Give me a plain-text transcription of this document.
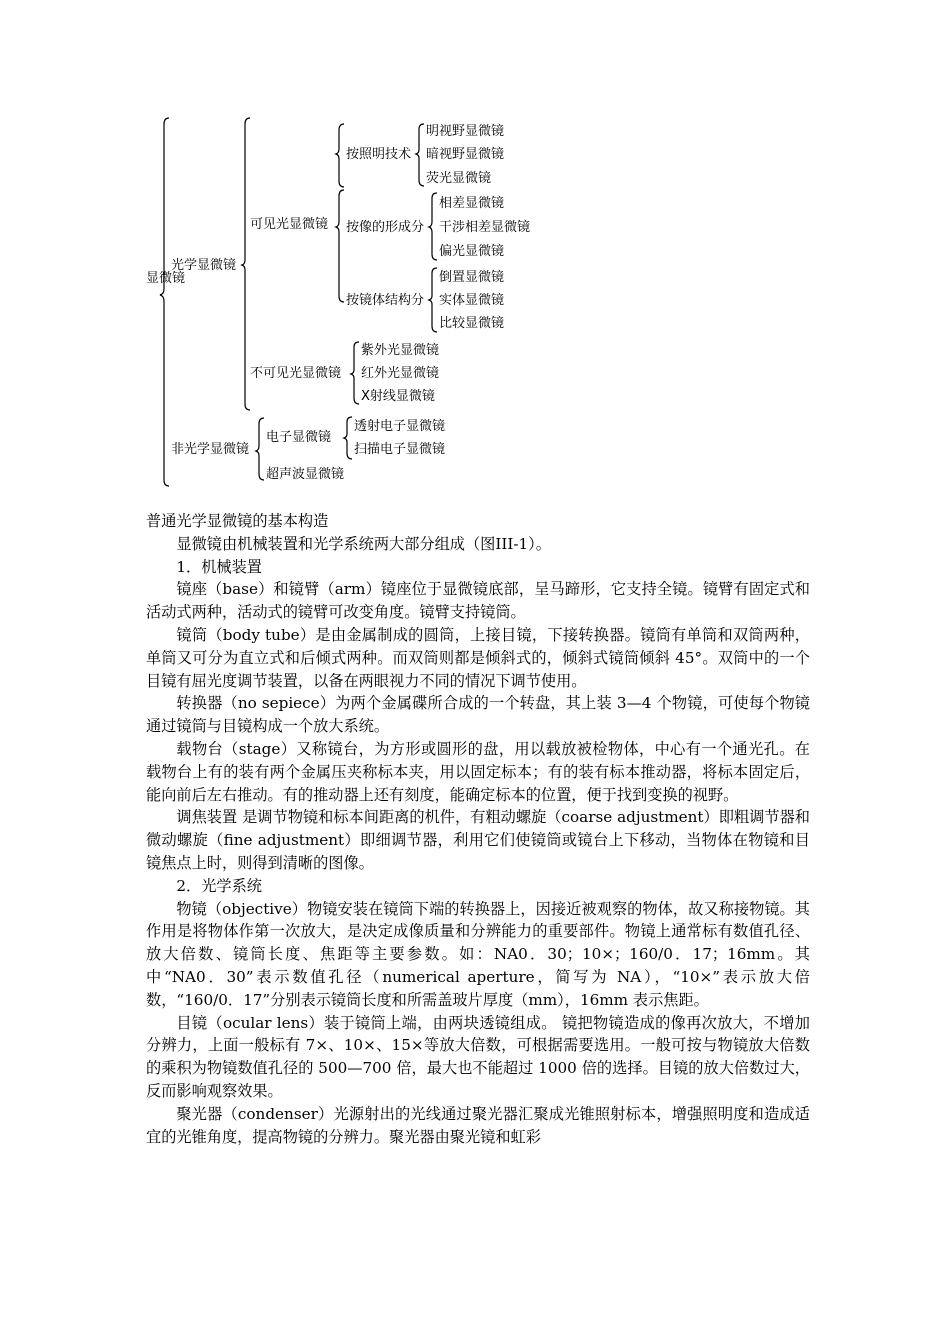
显微镜
光学显微镜
非光学显微镜
可见光显微镜
不可见光显微镜
按照明技术
明视野显微镜
暗视野显微镜
荧光显微镜
按像的形成分
相差显微镜
干涉相差显微镜
偏光显微镜
按镜体结构分
倒置显微镜
实体显微镜
比较显微镜
紫外光显微镜
红外光显微镜
X射线显微镜
电子显微镜
透射电子显微镜
扫描电子显微镜
超声波显微镜

普通光学显微镜的基本构造

显微镜由机械装置和光学系统两大部分组成（图III-1）。

1．机械装置

镜座（base）和镜臂（arm）镜座位于显微镜底部，呈马蹄形，它支持全镜。镜臂有固定式和活动式两种，活动式的镜臂可改变角度。镜臂支持镜筒。

镜筒（body tube）是由金属制成的圆筒，上接目镜，下接转换器。镜筒有单筒和双筒两种，单筒又可分为直立式和后倾式两种。而双筒则都是倾斜式的，倾斜式镜筒倾斜 45°。双筒中的一个目镜有屈光度调节装置，以备在两眼视力不同的情况下调节使用。

转换器（no sepiece）为两个金属碟所合成的一个转盘，其上装 3—4 个物镜，可使每个物镜通过镜筒与目镜构成一个放大系统。

载物台（stage）又称镜台，为方形或圆形的盘，用以载放被检物体，中心有一个通光孔。在载物台上有的装有两个金属压夹称标本夹，用以固定标本；有的装有标本推动器，将标本固定后，能向前后左右推动。有的推动器上还有刻度，能确定标本的位置，便于找到变换的视野。

调焦装置 是调节物镜和标本间距离的机件，有粗动螺旋（coarse adjustment）即粗调节器和微动螺旋（fine adjustment）即细调节器，利用它们使镜筒或镜台上下移动，当物体在物镜和目镜焦点上时，则得到清晰的图像。

2．光学系统

物镜（objective）物镜安装在镜筒下端的转换器上，因接近被观察的物体，故又称接物镜。其作用是将物体作第一次放大，是决定成像质量和分辨能力的重要部件。物镜上通常标有数值孔径、放大倍数、镜筒长度、焦距等主要参数。如：NA0．30；10×；160/0．17；16mm。其中“NA0．30”表示数值孔径（numerical aperture，简写为 NA），“10×”表示放大倍数，“160/0．17”分别表示镜筒长度和所需盖玻片厚度（mm），16mm 表示焦距。

目镜（ocular lens）装于镜筒上端，由两块透镜组成。 镜把物镜造成的像再次放大，不增加分辨力，上面一般标有 7×、10×、15×等放大倍数，可根据需要选用。一般可按与物镜放大倍数的乘积为物镜数值孔径的 500—700 倍，最大也不能超过 1000 倍的选择。目镜的放大倍数过大，反而影响观察效果。

聚光器（condenser）光源射出的光线通过聚光器汇聚成光锥照射标本，增强照明度和造成适宜的光锥角度，提高物镜的分辨力。聚光器由聚光镜和虹彩
